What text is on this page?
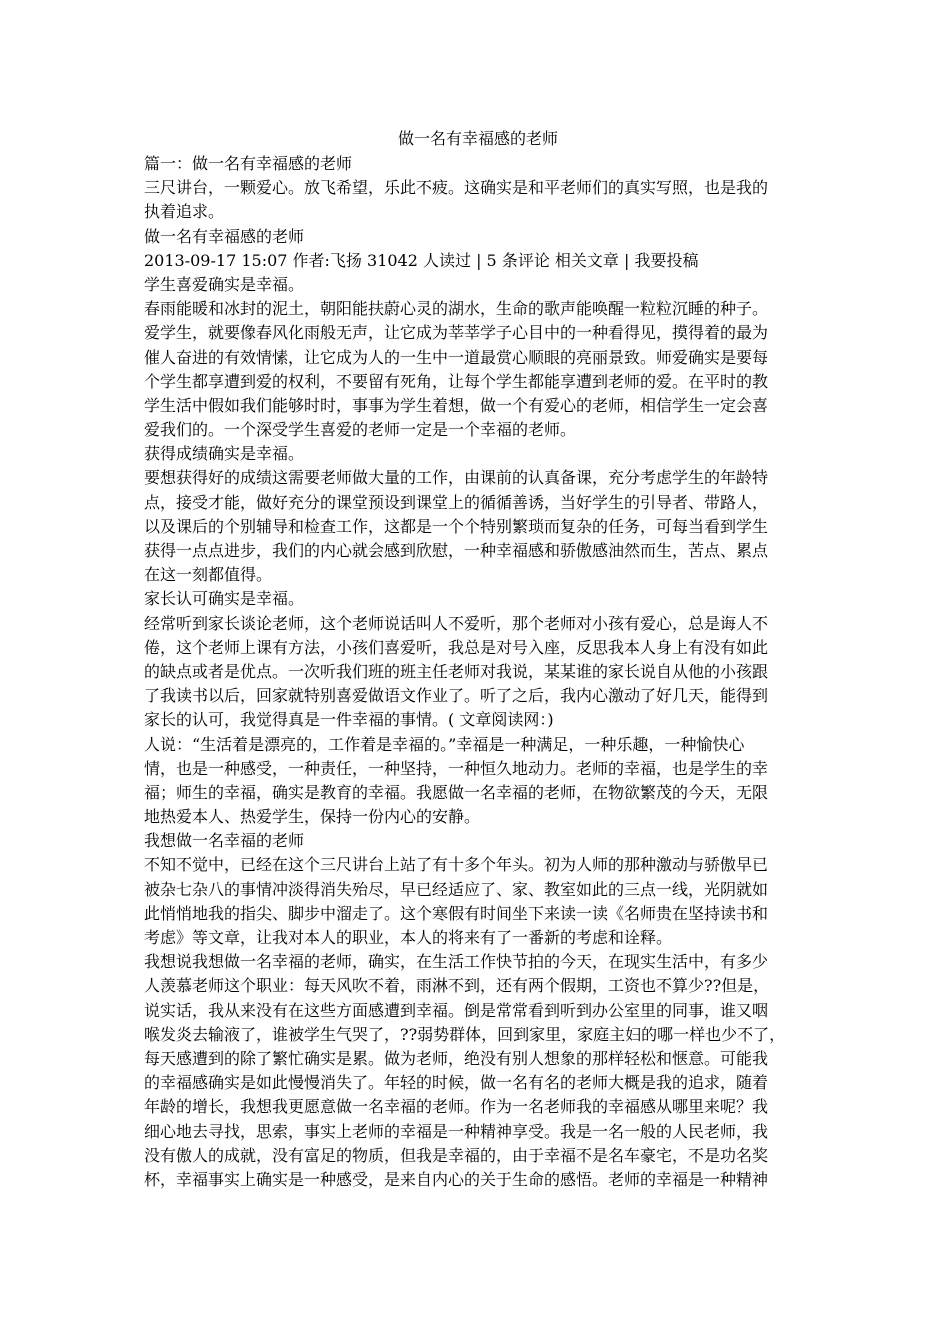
做一名有幸福感的老师
篇一：做一名有幸福感的老师
三尺讲台，一颗爱心。放飞希望，乐此不疲。这确实是和平老师们的真实写照，也是我的
执着追求。
做一名有幸福感的老师
2013-09-17 15:07 作者:飞扬 31042 人读过 | 5 条评论 相关文章 | 我要投稿
学生喜爱确实是幸福。
春雨能暖和冰封的泥土，朝阳能扶蔚心灵的湖水，生命的歌声能唤醒一粒粒沉睡的种子。
爱学生，就要像春风化雨般无声，让它成为莘莘学子心目中的一种看得见，摸得着的最为
催人奋进的有效情愫，让它成为人的一生中一道最赏心顺眼的亮丽景致。师爱确实是要每
个学生都享遭到爱的权利，不要留有死角，让每个学生都能享遭到老师的爱。在平时的教
学生活中假如我们能够时时，事事为学生着想，做一个有爱心的老师，相信学生一定会喜
爱我们的。一个深受学生喜爱的老师一定是一个幸福的老师。
获得成绩确实是幸福。
要想获得好的成绩这需要老师做大量的工作，由课前的认真备课，充分考虑学生的年龄特
点，接受才能，做好充分的课堂预设到课堂上的循循善诱，当好学生的引导者、带路人，
以及课后的个别辅导和检查工作，这都是一个个特别繁琐而复杂的任务，可每当看到学生
获得一点点进步，我们的内心就会感到欣慰，一种幸福感和骄傲感油然而生，苦点、累点
在这一刻都值得。
家长认可确实是幸福。
经常听到家长谈论老师，这个老师说话叫人不爱听，那个老师对小孩有爱心，总是诲人不
倦，这个老师上课有方法，小孩们喜爱听，我总是对号入座，反思我本人身上有没有如此
的缺点或者是优点。一次听我们班的班主任老师对我说，某某谁的家长说自从他的小孩跟
了我读书以后，回家就特别喜爱做语文作业了。听了之后，我内心激动了好几天，能得到
家长的认可，我觉得真是一件幸福的事情。( 文章阅读网：)
人说：“生活着是漂亮的，工作着是幸福的。”幸福是一种满足，一种乐趣，一种愉快心
情，也是一种感受，一种责任，一种坚持，一种恒久地动力。老师的幸福，也是学生的幸
福；师生的幸福，确实是教育的幸福。我愿做一名幸福的老师，在物欲繁茂的今天，无限
地热爱本人、热爱学生，保持一份内心的安静。
我想做一名幸福的老师
不知不觉中，已经在这个三尺讲台上站了有十多个年头。初为人师的那种激动与骄傲早已
被杂七杂八的事情冲淡得消失殆尽，早已经适应了、家、教室如此的三点一线，光阴就如
此悄悄地我的指尖、脚步中溜走了。这个寒假有时间坐下来读一读《名师贵在坚持读书和
考虑》等文章，让我对本人的职业，本人的将来有了一番新的考虑和诠释。
我想说我想做一名幸福的老师，确实，在生活工作快节拍的今天，在现实生活中，有多少
人羡慕老师这个职业：每天风吹不着，雨淋不到，还有两个假期，工资也不算少??但是，
说实话，我从来没有在这些方面感遭到幸福。倒是常常看到听到办公室里的同事，谁又咽
喉发炎去输液了，谁被学生气哭了，??弱势群体，回到家里，家庭主妇的哪一样也少不了，
每天感遭到的除了繁忙确实是累。做为老师，绝没有别人想象的那样轻松和惬意。可能我
的幸福感确实是如此慢慢消失了。年轻的时候，做一名有名的老师大概是我的追求，随着
年龄的增长，我想我更愿意做一名幸福的老师。作为一名老师我的幸福感从哪里来呢？我
细心地去寻找，思索，事实上老师的幸福是一种精神享受。我是一名一般的人民老师，我
没有傲人的成就，没有富足的物质，但我是幸福的，由于幸福不是名车豪宅，不是功名奖
杯，幸福事实上确实是一种感受，是来自内心的关于生命的感悟。老师的幸福是一种精神
